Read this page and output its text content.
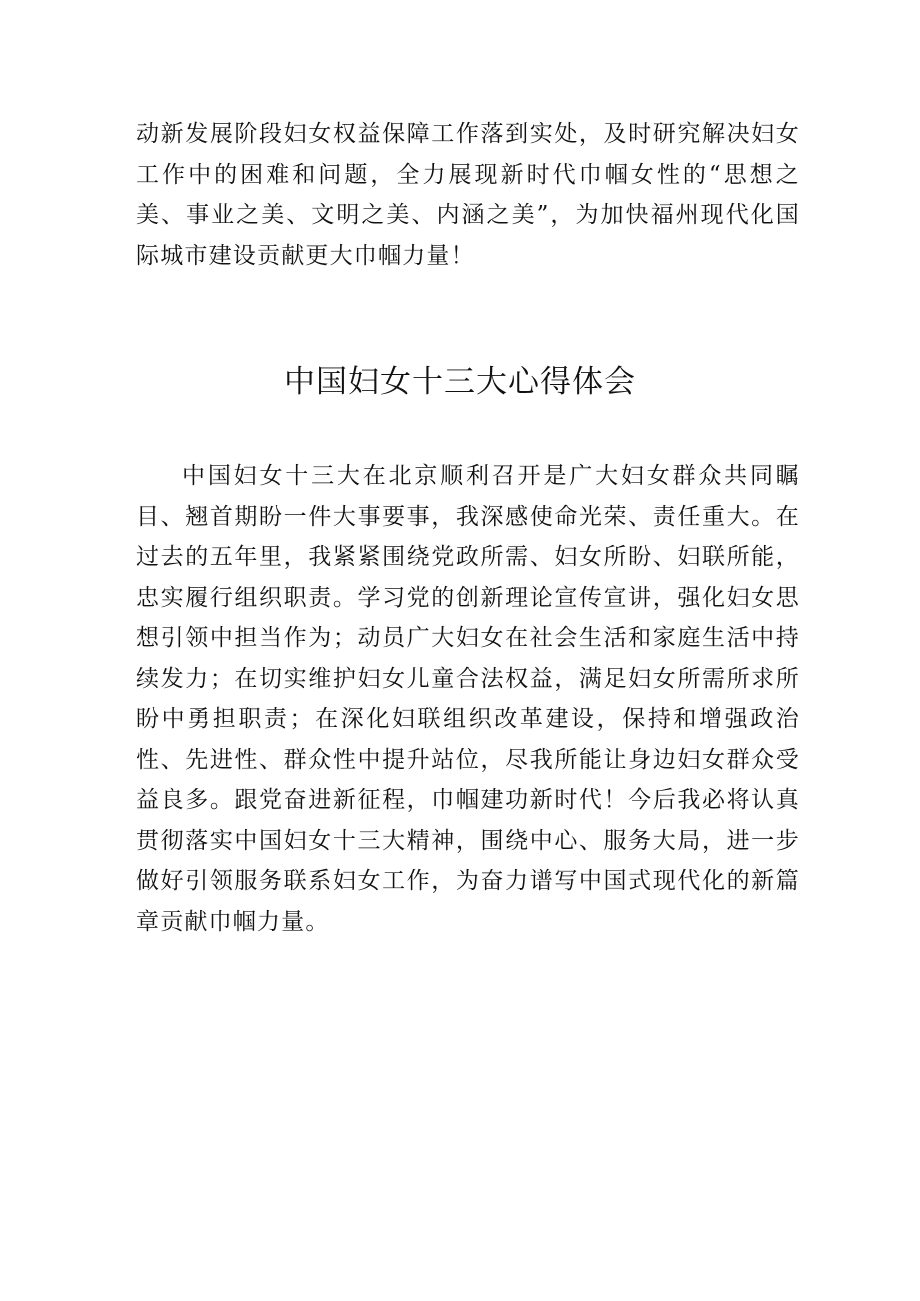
动新发展阶段妇女权益保障工作落到实处，及时研究解决妇女工作中的困难和问题，全力展现新时代巾帼女性的“思想之美、事业之美、文明之美、内涵之美”，为加快福州现代化国际城市建设贡献更大巾帼力量！

中国妇女十三大心得体会

中国妇女十三大在北京顺利召开是广大妇女群众共同瞩目、翘首期盼一件大事要事，我深感使命光荣、责任重大。在过去的五年里，我紧紧围绕党政所需、妇女所盼、妇联所能，忠实履行组织职责。学习党的创新理论宣传宣讲，强化妇女思想引领中担当作为；动员广大妇女在社会生活和家庭生活中持续发力；在切实维护妇女儿童合法权益，满足妇女所需所求所盼中勇担职责；在深化妇联组织改革建设，保持和增强政治性、先进性、群众性中提升站位，尽我所能让身边妇女群众受益良多。跟党奋进新征程，巾帼建功新时代！今后我必将认真贯彻落实中国妇女十三大精神，围绕中心、服务大局，进一步做好引领服务联系妇女工作，为奋力谱写中国式现代化的新篇章贡献巾帼力量。
